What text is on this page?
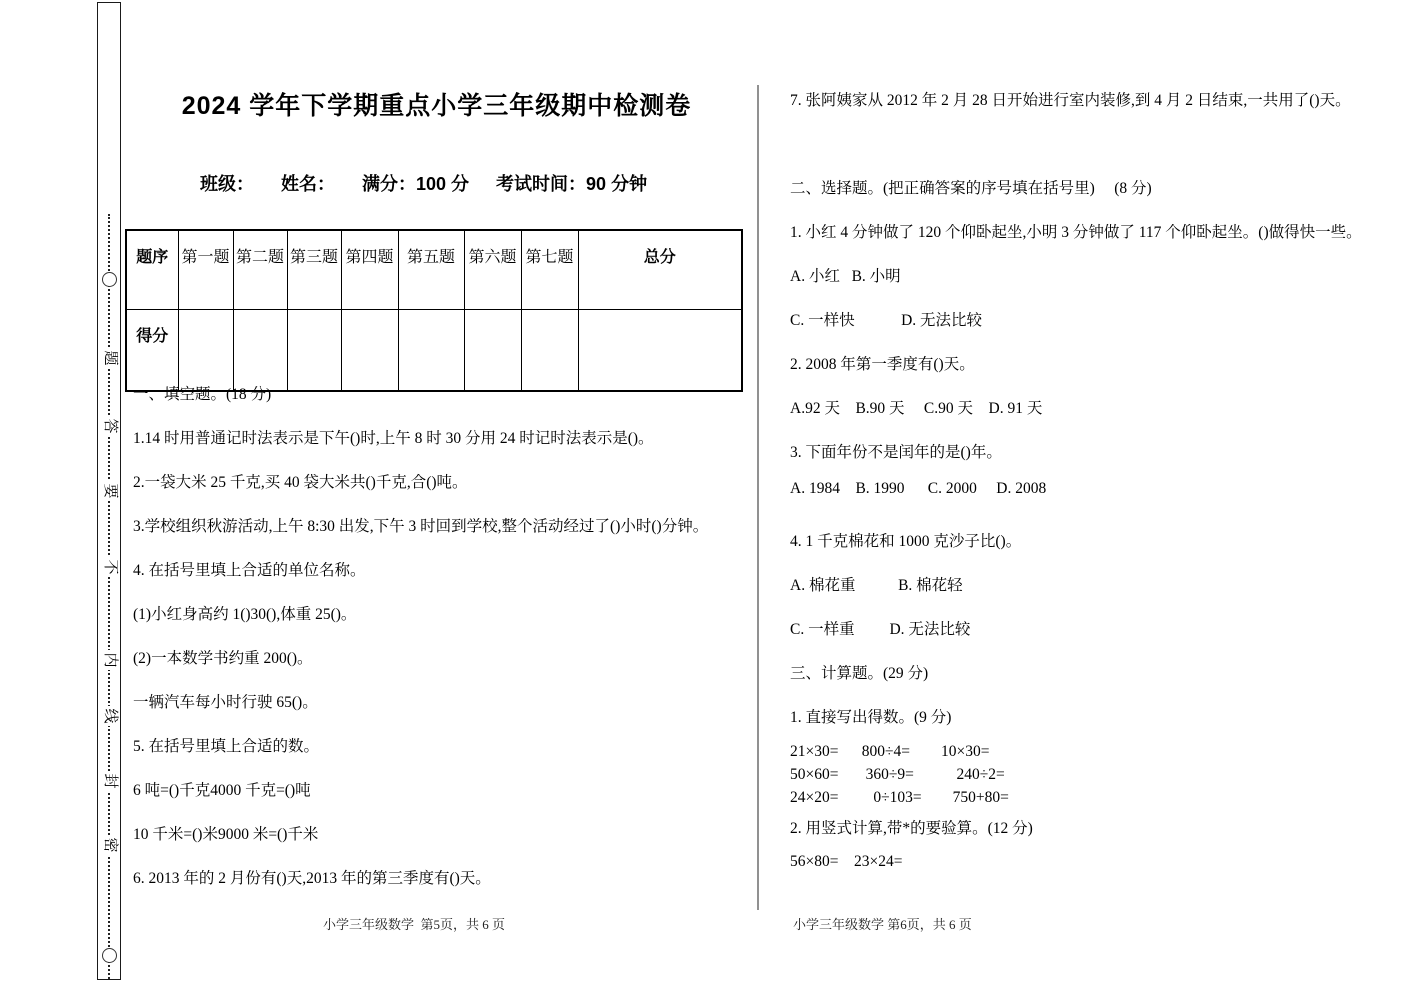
题
答
要
不
内
线
封
密
2024 学年下学期重点小学三年级期中检测卷
班级： 姓名： 满分：100 分 考试时间：90 分钟
题序	第一题	第二题	第三题	第四题	第五题	第六题	第七题	总分
得分								

一、填空题。(18 分)

1.14 时用普通记时法表示是下午()时,上午 8 时 30 分用 24 时记时法表示是()。

2.一袋大米 25 千克,买 40 袋大米共()千克,合()吨。

3.学校组织秋游活动,上午 8:30 出发,下午 3 时回到学校,整个活动经过了()小时()分钟。

4. 在括号里填上合适的单位名称。

(1)小红身高约 1()30(),体重 25()。

(2)一本数学书约重 200()。

一辆汽车每小时行驶 65()。

5. 在括号里填上合适的数。

6 吨=()千克4000 千克=()吨

10 千米=()米9000 米=()千米

6. 2013 年的 2 月份有()天,2013 年的第三季度有()天。

7. 张阿姨家从 2012 年 2 月 28 日开始进行室内装修,到 4 月 2 日结束,一共用了()天。

二、选择题。(把正确答案的序号填在括号里)     (8 分)

1. 小红 4 分钟做了 120 个仰卧起坐,小明 3 分钟做了 117 个仰卧起坐。()做得快一些。

A. 小红   B. 小明

C. 一样快            D. 无法比较

2. 2008 年第一季度有()天。

A.92 天    B.90 天     C.90 天    D. 91 天

3. 下面年份不是闰年的是()年。

A. 1984    B. 1990      C. 2000     D. 2008

4. 1 千克棉花和 1000 克沙子比()。

A. 棉花重           B. 棉花轻

C. 一样重         D. 无法比较

三、计算题。(29 分)

1. 直接写出得数。(9 分)

21×30=      800÷4=        10×30=

50×60=       360÷9=           240÷2=

24×20=         0÷103=        750+80=

2. 用竖式计算,带*的要验算。(12 分)

56×80=    23×24=

小学三年级数学  第5页，共 6 页	小学三年级数学 第6页，共 6 页
